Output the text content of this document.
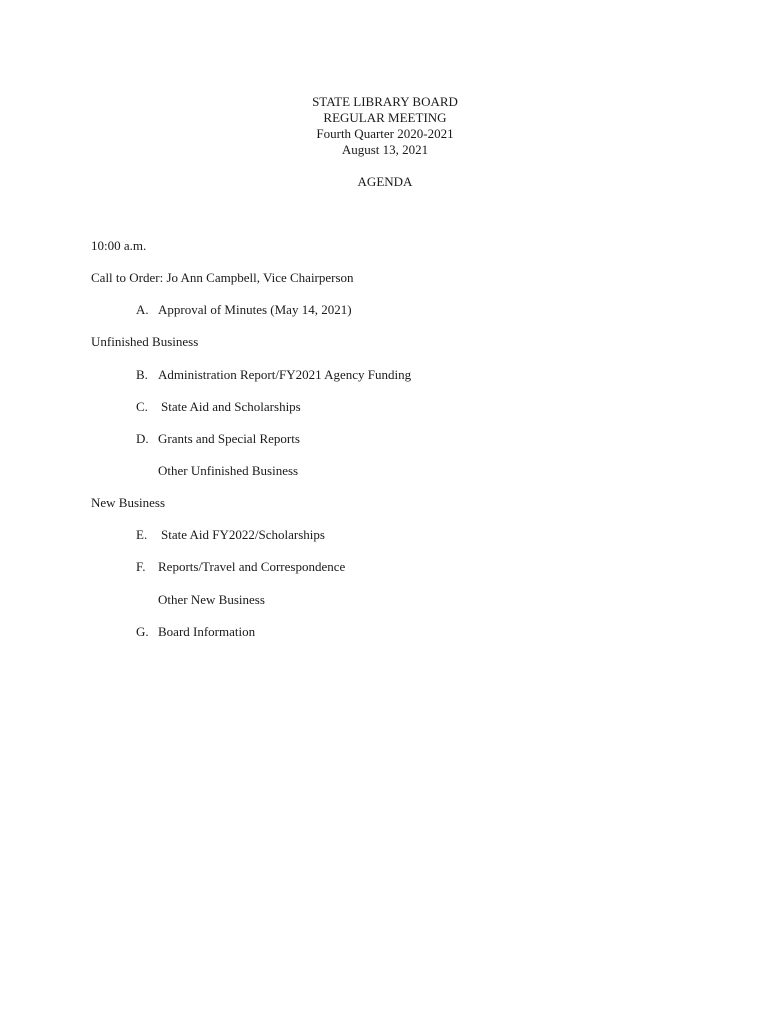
STATE LIBRARY BOARD
REGULAR MEETING
Fourth Quarter 2020-2021
August 13, 2021
AGENDA
10:00 a.m.
Call to Order: Jo Ann Campbell, Vice Chairperson
A. Approval of Minutes (May 14, 2021)
Unfinished Business
B. Administration Report/FY2021 Agency Funding
C. State Aid and Scholarships
D. Grants and Special Reports
Other Unfinished Business
New Business
E. State Aid FY2022/Scholarships
F. Reports/Travel and Correspondence
Other New Business
G. Board Information
